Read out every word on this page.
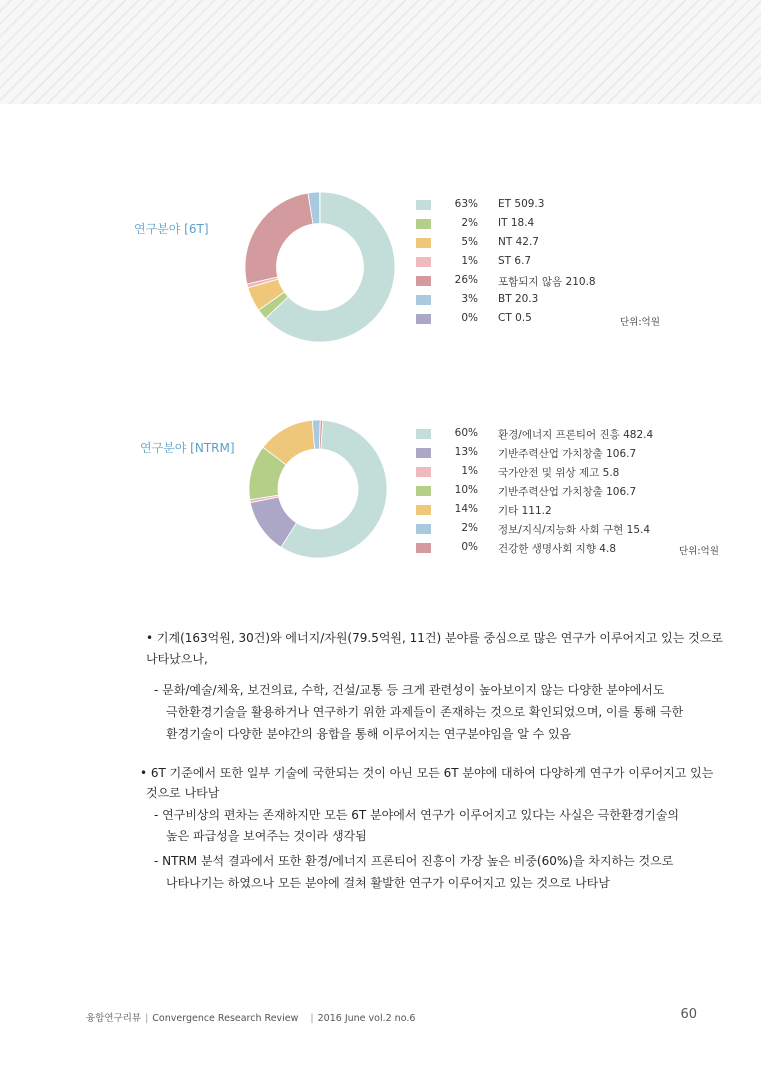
연구분야 [6T]
63% ET 509.3
2% IT 18.4
5% NT 42.7
1% ST 6.7
26% 포함되지 않음 210.8
3% BT 20.3
0% CT 0.5	단위:억원
연구분야 [NTRM]
60% 환경/에너지 프론티어 진흥 482.4
13% 기반주력산업 가치창출 106.7
1% 국가안전 및 위상 제고 5.8
10% 기반주력산업 가치창출 106.7
14% 기타 111.2
2% 정보/지식/지능화 사회 구현 15.4
0% 건강한 생명사회 지향 4.8	단위:억원
• 기계(163억원, 30건)와 에너지/자원(79.5억원, 11건) 분야를 중심으로 많은 연구가 이루어지고 있는 것으로
나타났으나,
- 문화/예술/체육, 보건의료, 수학, 건설/교통 등 크게 관련성이 높아보이지 않는 다양한 분야에서도
극한환경기술을 활용하거나 연구하기 위한 과제들이 존재하는 것으로 확인되었으며, 이를 통해 극한
환경기술이 다양한 분야간의 융합을 통해 이루어지는 연구분야임을 알 수 있음
• 6T 기준에서 또한 일부 기술에 국한되는 것이 아닌 모든 6T 분야에 대하여 다양하게 연구가 이루어지고 있는
것으로 나타남
- 연구비상의 편차는 존재하지만 모든 6T 분야에서 연구가 이루어지고 있다는 사실은 극한환경기술의
높은 파급성을 보여주는 것이라 생각됨
- NTRM 분석 결과에서 또한 환경/에너지 프론티어 진흥이 가장 높은 비중(60%)을 차지하는 것으로
나타나기는 하였으나 모든 분야에 걸쳐 활발한 연구가 이루어지고 있는 것으로 나타남
융합연구리뷰 | Convergence Research Review | 2016 June vol.2 no.6	60
